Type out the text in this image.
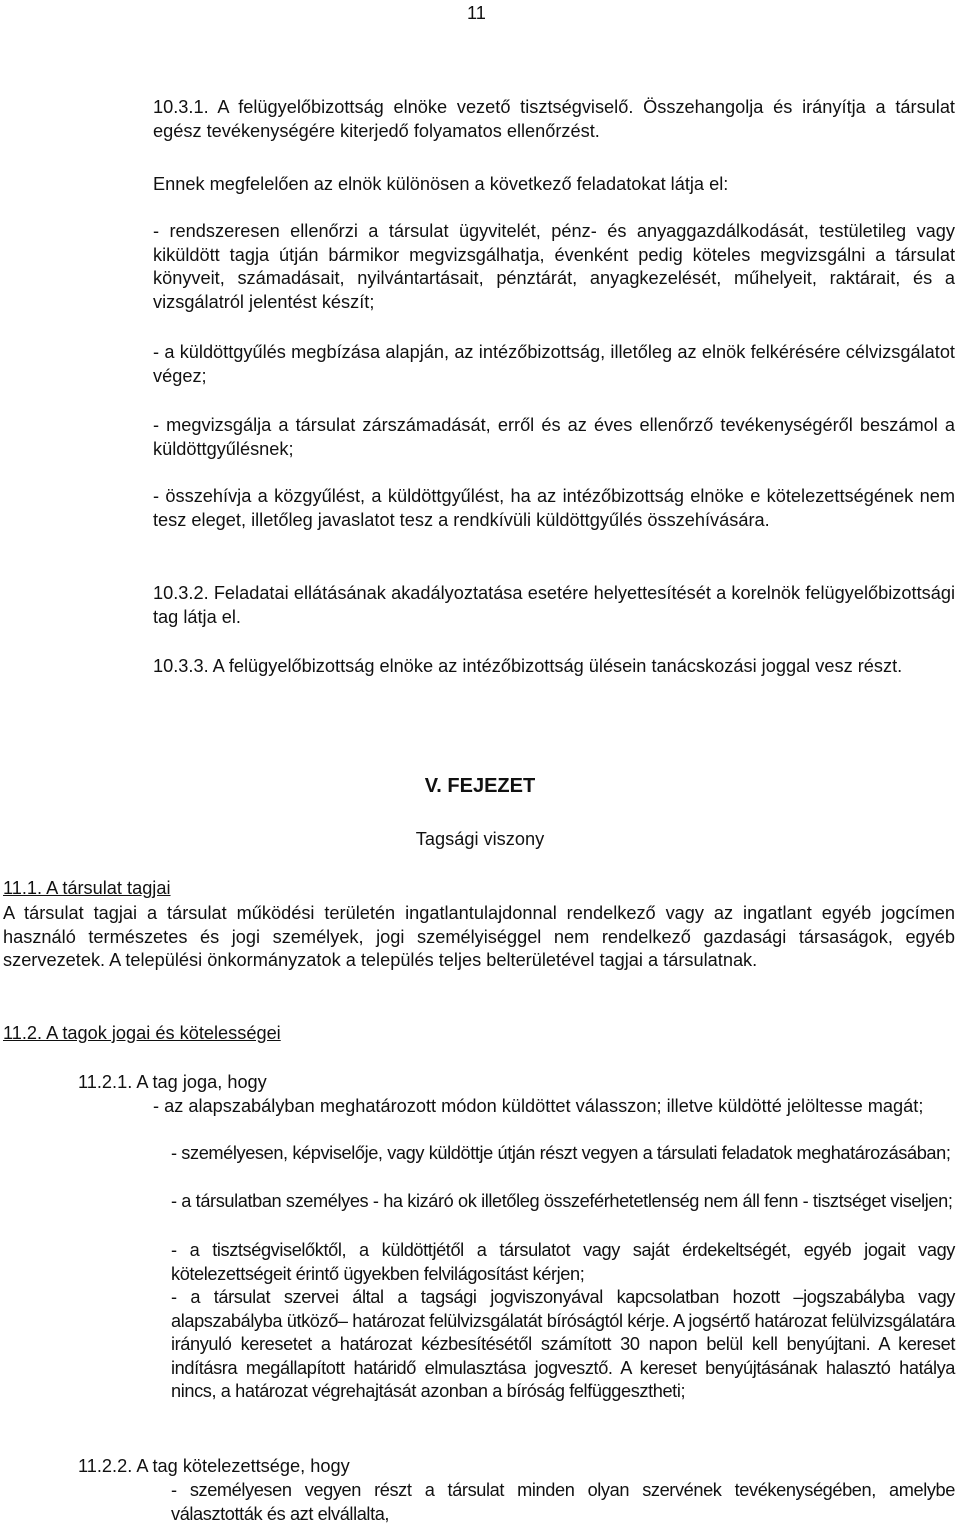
11
10.3.1. A felügyelőbizottság elnöke vezető tisztségviselő. Összehangolja és irányítja a társulat egész tevékenységére kiterjedő folyamatos ellenőrzést.
Ennek megfelelően az elnök különösen a következő feladatokat látja el:
- rendszeresen ellenőrzi a társulat ügyvitelét, pénz- és anyaggazdálkodását, testületileg vagy kiküldött tagja útján bármikor megvizsgálhatja, évenként pedig köteles megvizsgálni a társulat könyveit, számadásait, nyilvántartásait, pénztárát, anyagkezelését, műhelyeit, raktárait, és a vizsgálatról jelentést készít;
- a küldöttgyűlés megbízása alapján, az intézőbizottság, illetőleg az elnök felkérésére célvizsgálatot végez;
- megvizsgálja a társulat zárszámadását, erről és az éves ellenőrző tevékenységéről beszámol a küldöttgyűlésnek;
- összehívja a közgyűlést, a küldöttgyűlést, ha az intézőbizottság elnöke e kötelezettségének nem tesz eleget, illetőleg javaslatot tesz a rendkívüli küldöttgyűlés összehívására.
10.3.2. Feladatai ellátásának akadályoztatása esetére helyettesítését a korelnök felügyelőbizottsági tag látja el.
10.3.3. A felügyelőbizottság elnöke az intézőbizottság ülésein tanácskozási joggal vesz részt.
V. FEJEZET
Tagsági viszony
11.1. A társulat tagjai
A társulat tagjai a társulat működési területén ingatlantulajdonnal rendelkező vagy az ingatlant egyéb jogcímen használó természetes és jogi személyek, jogi személyiséggel nem rendelkező gazdasági társaságok, egyéb szervezetek. A települési önkormányzatok a település teljes belterületével tagjai a társulatnak.
11.2. A tagok jogai és kötelességei
11.2.1. A tag joga, hogy
- az alapszabályban meghatározott módon küldöttet válasszon; illetve küldötté jelöltesse magát;
- személyesen, képviselője, vagy küldöttje útján részt vegyen a társulati feladatok meghatározásában;
- a társulatban személyes - ha kizáró ok illetőleg összeférhetetlenség nem áll fenn - tisztséget viseljen;
- a tisztségviselőktől, a küldöttjétől a társulatot vagy saját érdekeltségét, egyéb jogait vagy kötelezettségeit érintő ügyekben felvilágosítást kérjen;
- a társulat szervei által a tagsági jogviszonyával kapcsolatban hozott –jogszabályba vagy alapszabályba ütköző– határozat felülvizsgálatát bíróságtól kérje. A jogsértő határozat felülvizsgálatára irányuló keresetet a határozat kézbesítésétől számított 30 napon belül kell benyújtani. A kereset indításra megállapított határidő elmulasztása jogvesztő. A kereset benyújtásának halasztó hatálya nincs, a határozat végrehajtását azonban a bíróság felfüggesztheti;
11.2.2. A tag kötelezettsége, hogy
- személyesen vegyen részt a társulat minden olyan szervének tevékenységében, amelybe választották és azt elvállalta,
